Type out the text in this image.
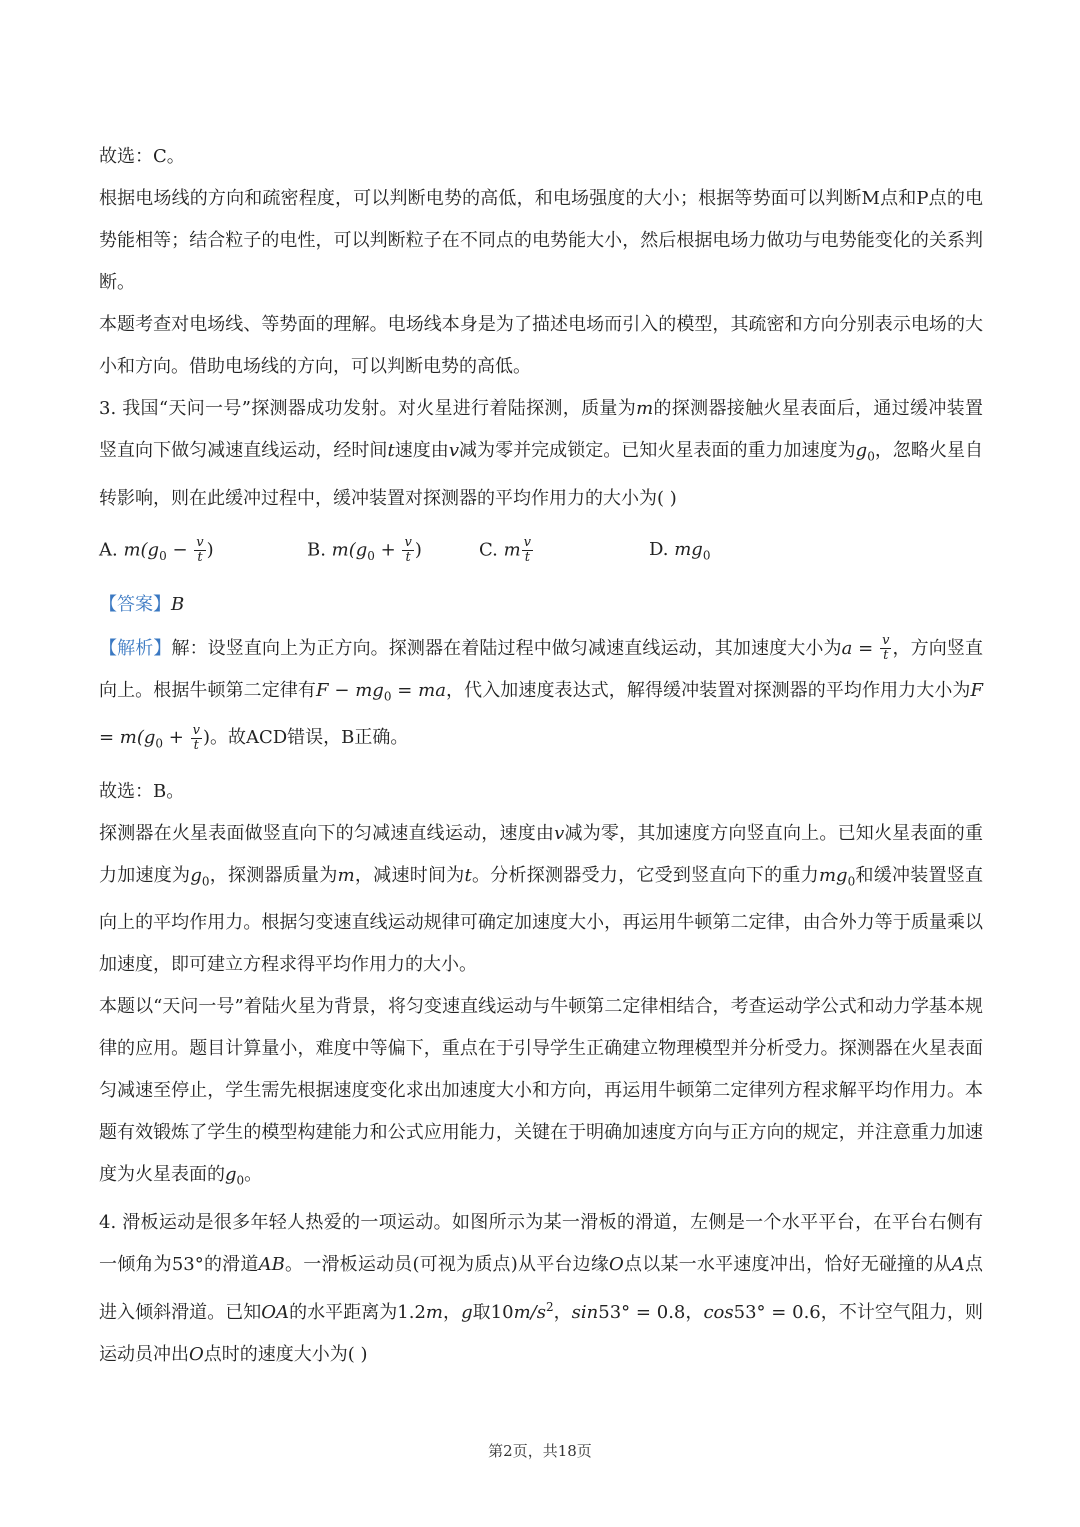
故选：C。

根据电场线的方向和疏密程度，可以判断电势的高低，和电场强度的大小；根据等势面可以判断M点和P点的电势能相等；结合粒子的电性，可以判断粒子在不同点的电势能大小，然后根据电场力做功与电势能变化的关系判断。

本题考查对电场线、等势面的理解。电场线本身是为了描述电场而引入的模型，其疏密和方向分别表示电场的大小和方向。借助电场线的方向，可以判断电势的高低。

3. 我国“天问一号”探测器成功发射。对火星进行着陆探测，质量为m的探测器接触火星表面后，通过缓冲装置竖直向下做匀减速直线运动，经时间t速度由v减为零并完成锁定。已知火星表面的重力加速度为$g_0$，忽略火星自转影响，则在此缓冲过程中，缓冲装置对探测器的平均作用力的大小为( )

A. $m(g_0 - \frac{v}{t}$ )	B. $m(g_0 + \frac{v}{t}$ )	C. m $\frac{v}{t}$	D. $mg_0$

【答案】B

【解析】解：设竖直向上为正方向。探测器在着陆过程中做匀减速直线运动，其加速度大小为$a = \frac{v}{t}$ ，方向竖直向上。根据牛顿第二定律有$F - mg_0$ = ma，代入加速度表达式，解得缓冲装置对探测器的平均作用力大小为$F = m(g_0 + \frac{v}{t}$ )。故ACD错误，B正确。

故选：B。

探测器在火星表面做竖直向下的匀减速直线运动，速度由v减为零，其加速度方向竖直向上。已知火星表面的重力加速度为$g_0$，探测器质量为m，减速时间为t。分析探测器受力，它受到竖直向下的重力$mg_0$和缓冲装置竖直向上的平均作用力。根据匀变速直线运动规律可确定加速度大小，再运用牛顿第二定律，由合外力等于质量乘以加速度，即可建立方程求得平均作用力的大小。

本题以“天问一号”着陆火星为背景，将匀变速直线运动与牛顿第二定律相结合，考查运动学公式和动力学基本规律的应用。题目计算量小，难度中等偏下，重点在于引导学生正确建立物理模型并分析受力。探测器在火星表面匀减速至停止，学生需先根据速度变化求出加速度大小和方向，再运用牛顿第二定律列方程求解平均作用力。本题有效锻炼了学生的模型构建能力和公式应用能力，关键在于明确加速度方向与正方向的规定，并注意重力加速度为火星表面的$g_0$。

4. 滑板运动是很多年轻人热爱的一项运动。如图所示为某一滑板的滑道，左侧是一个水平平台，在平台右侧有一倾角为53°的滑道AB。一滑板运动员(可视为质点)从平台边缘O点以某一水平速度冲出，恰好无碰撞的从A点进入倾斜滑道。已知OA的水平距离为1.2m，g取$10m/s^2$，sin53° = 0.8，cos53° = 0.6，不计空气阻力，则运动员冲出O点时的速度大小为( )

第2页，共18页
